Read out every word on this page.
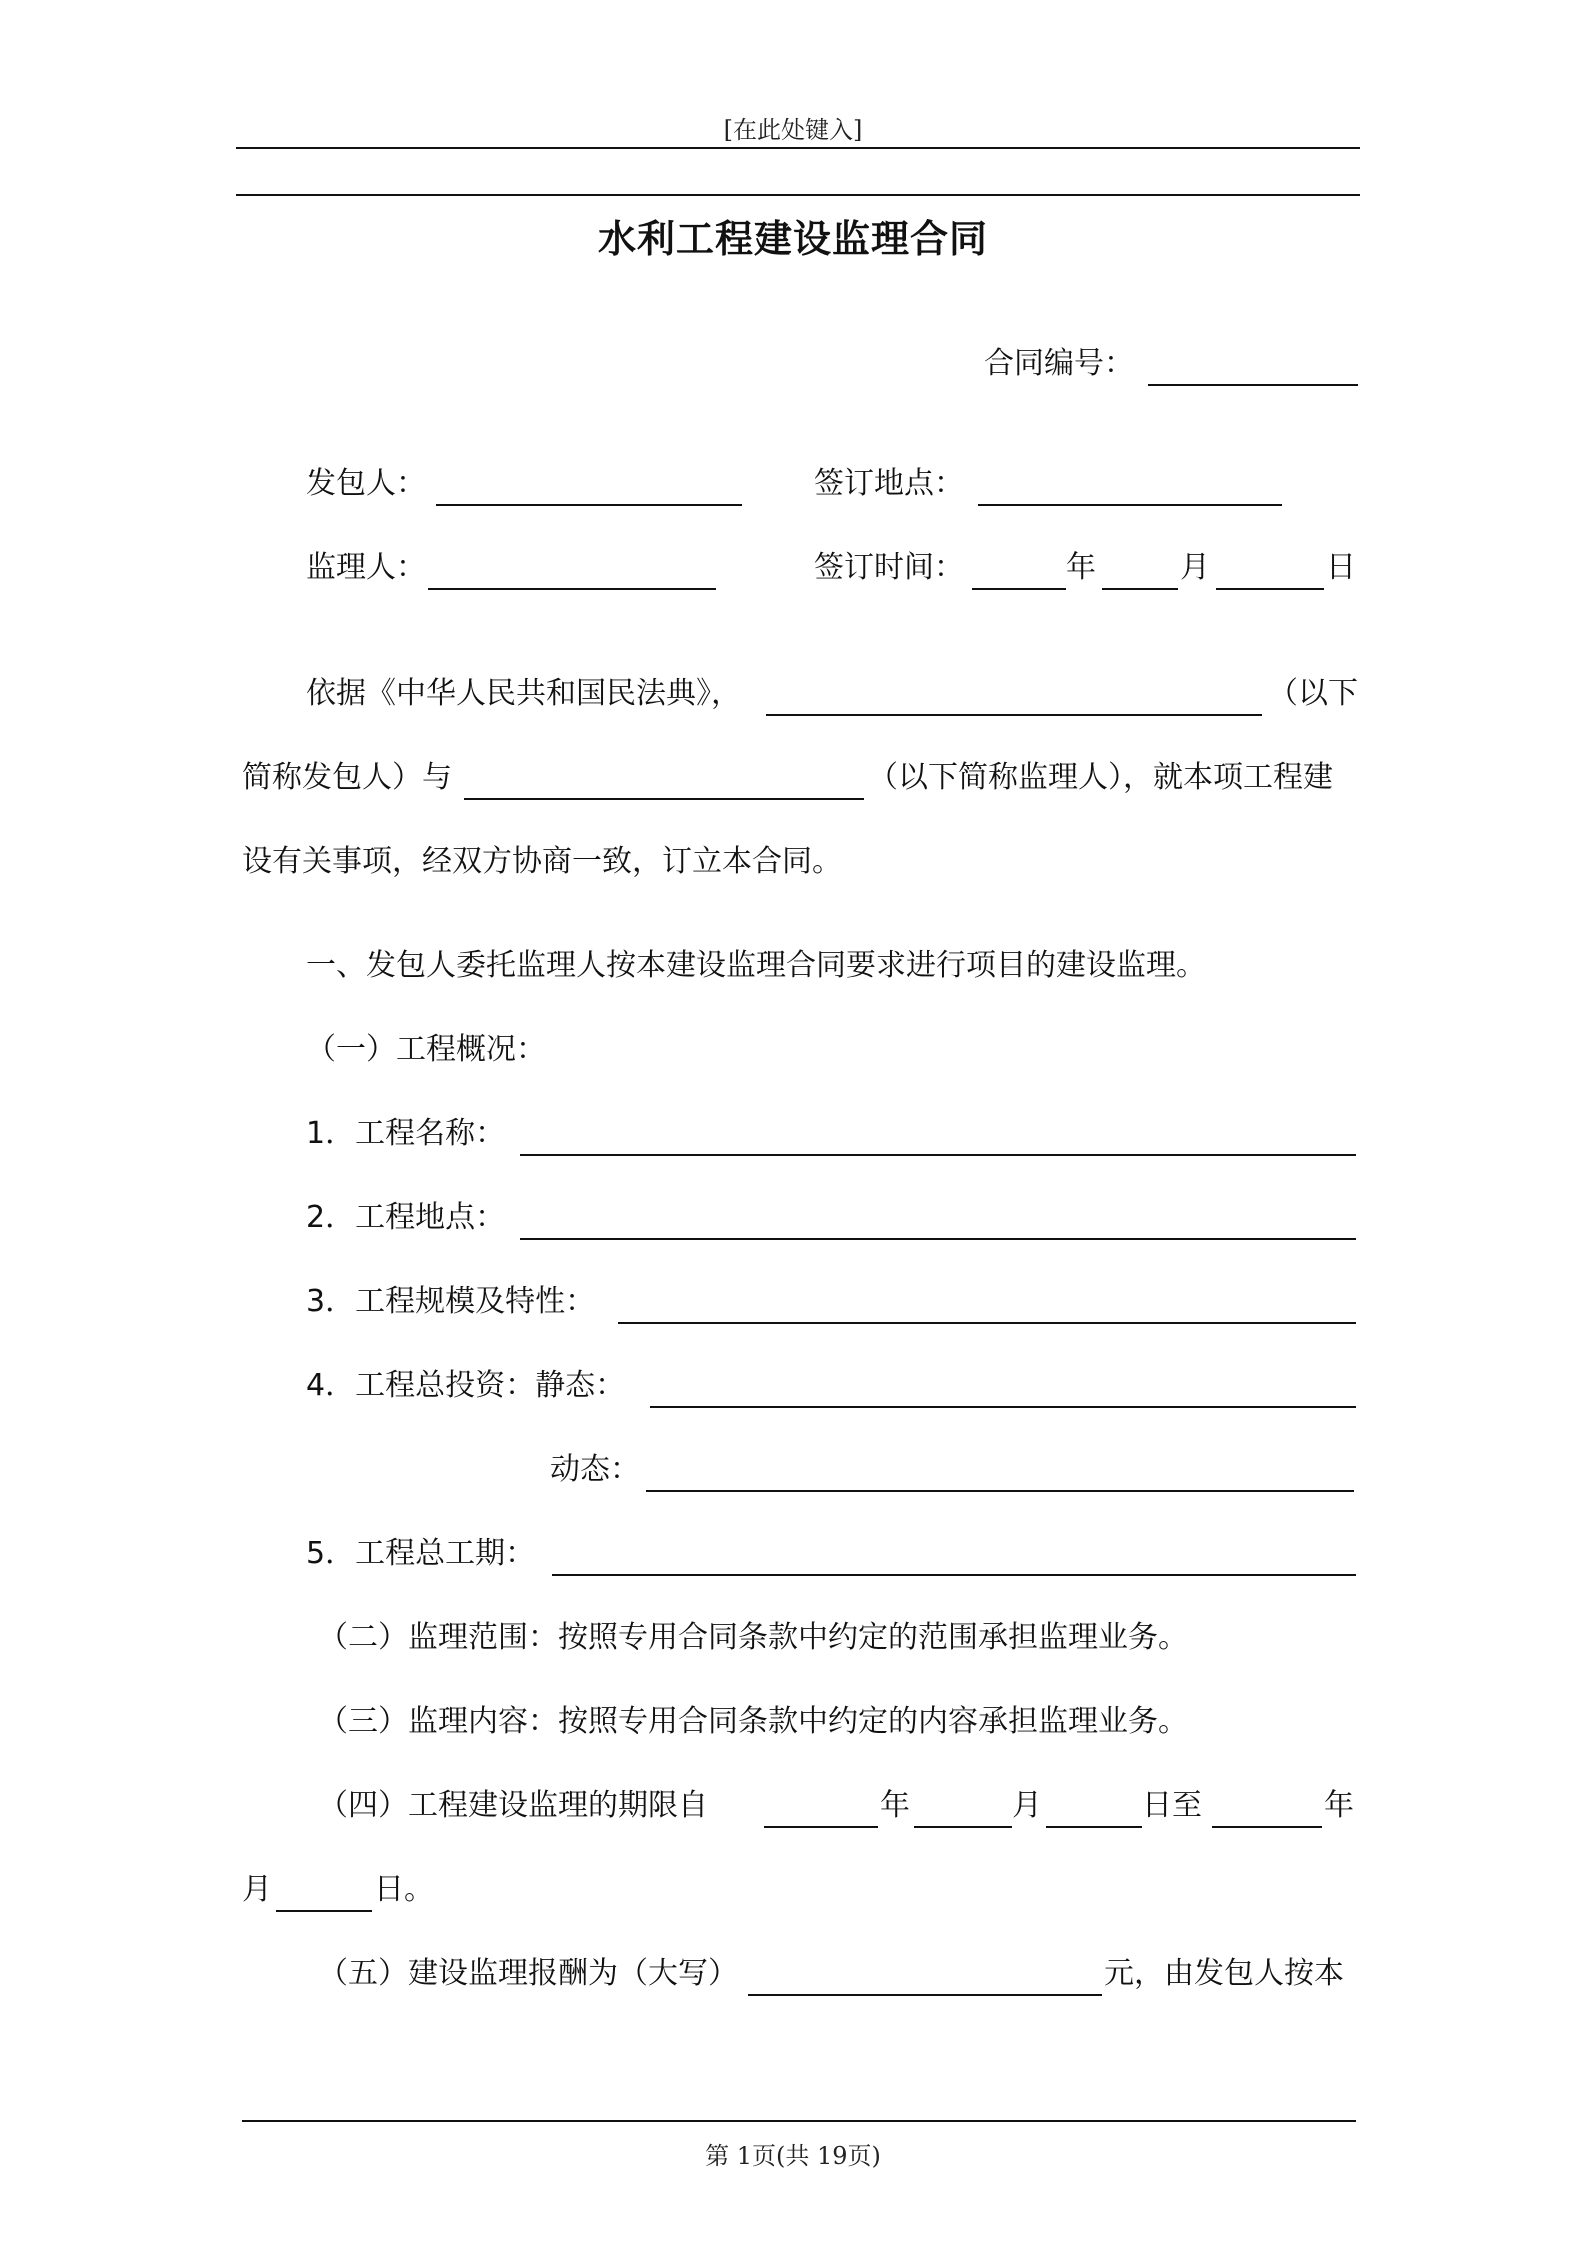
[在此处键入]
水利工程建设监理合同
合同编号：
发包人：	签订地点：
监理人：	签订时间：	年	月	日
依据《中华人民共和国民法典》，	（以下
简称发包人）与	（以下简称监理人），就本项工程建
设有关事项，经双方协商一致，订立本合同。
一、发包人委托监理人按本建设监理合同要求进行项目的建设监理。
（一）工程概况：
1．工程名称：
2．工程地点：
3．工程规模及特性：
4．工程总投资：静态：
动态：
5．工程总工期：
（二）监理范围：按照专用合同条款中约定的范围承担监理业务。
（三）监理内容：按照专用合同条款中约定的内容承担监理业务。
（四）工程建设监理的期限自	年	月	日至	年
月	日。
（五）建设监理报酬为（大写）	元，由发包人按本
第 1页(共 19页)
